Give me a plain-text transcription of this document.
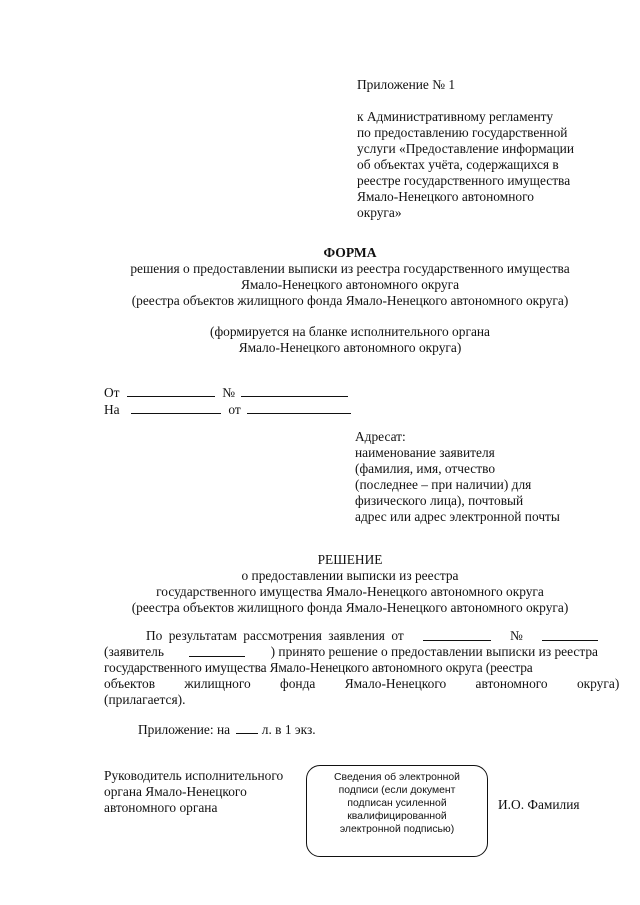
Приложение № 1
к Административному регламенту
по предоставлению государственной
услуги «Предоставление информации
об объектах учёта, содержащихся в
реестре государственного имущества
Ямало-Ненецкого автономного
округа»
ФОРМА
решения о предоставлении выписки из реестра государственного имущества
Ямало-Ненецкого автономного округа
(реестра объектов жилищного фонда Ямало-Ненецкого автономного округа)
(формируется на бланке исполнительного органа
Ямало-Ненецкого автономного округа)
От	№
На	от
Адресат:
наименование заявителя
(фамилия, имя, отчество
(последнее – при наличии) для
физического лица), почтовый
адрес или адрес электронной почты
РЕШЕНИЕ
о предоставлении выписки из реестра
государственного имущества Ямало-Ненецкого автономного округа
(реестра объектов жилищного фонда Ямало-Ненецкого автономного округа)
По результатам рассмотрения заявления от	№
(заявитель	) принято решение о предоставлении выписки из реестра
государственного имущества Ямало-Ненецкого автономного округа (реестра
объектов жилищного фонда Ямало-Ненецкого автономного округа)
(прилагается).
Приложение: на л. в 1 экз.
Руководитель исполнительного
органа Ямало-Ненецкого
автономного органа
Сведения об электронной
подписи (если документ
подписан усиленной
квалифицированной
электронной подписью)
И.О. Фамилия
